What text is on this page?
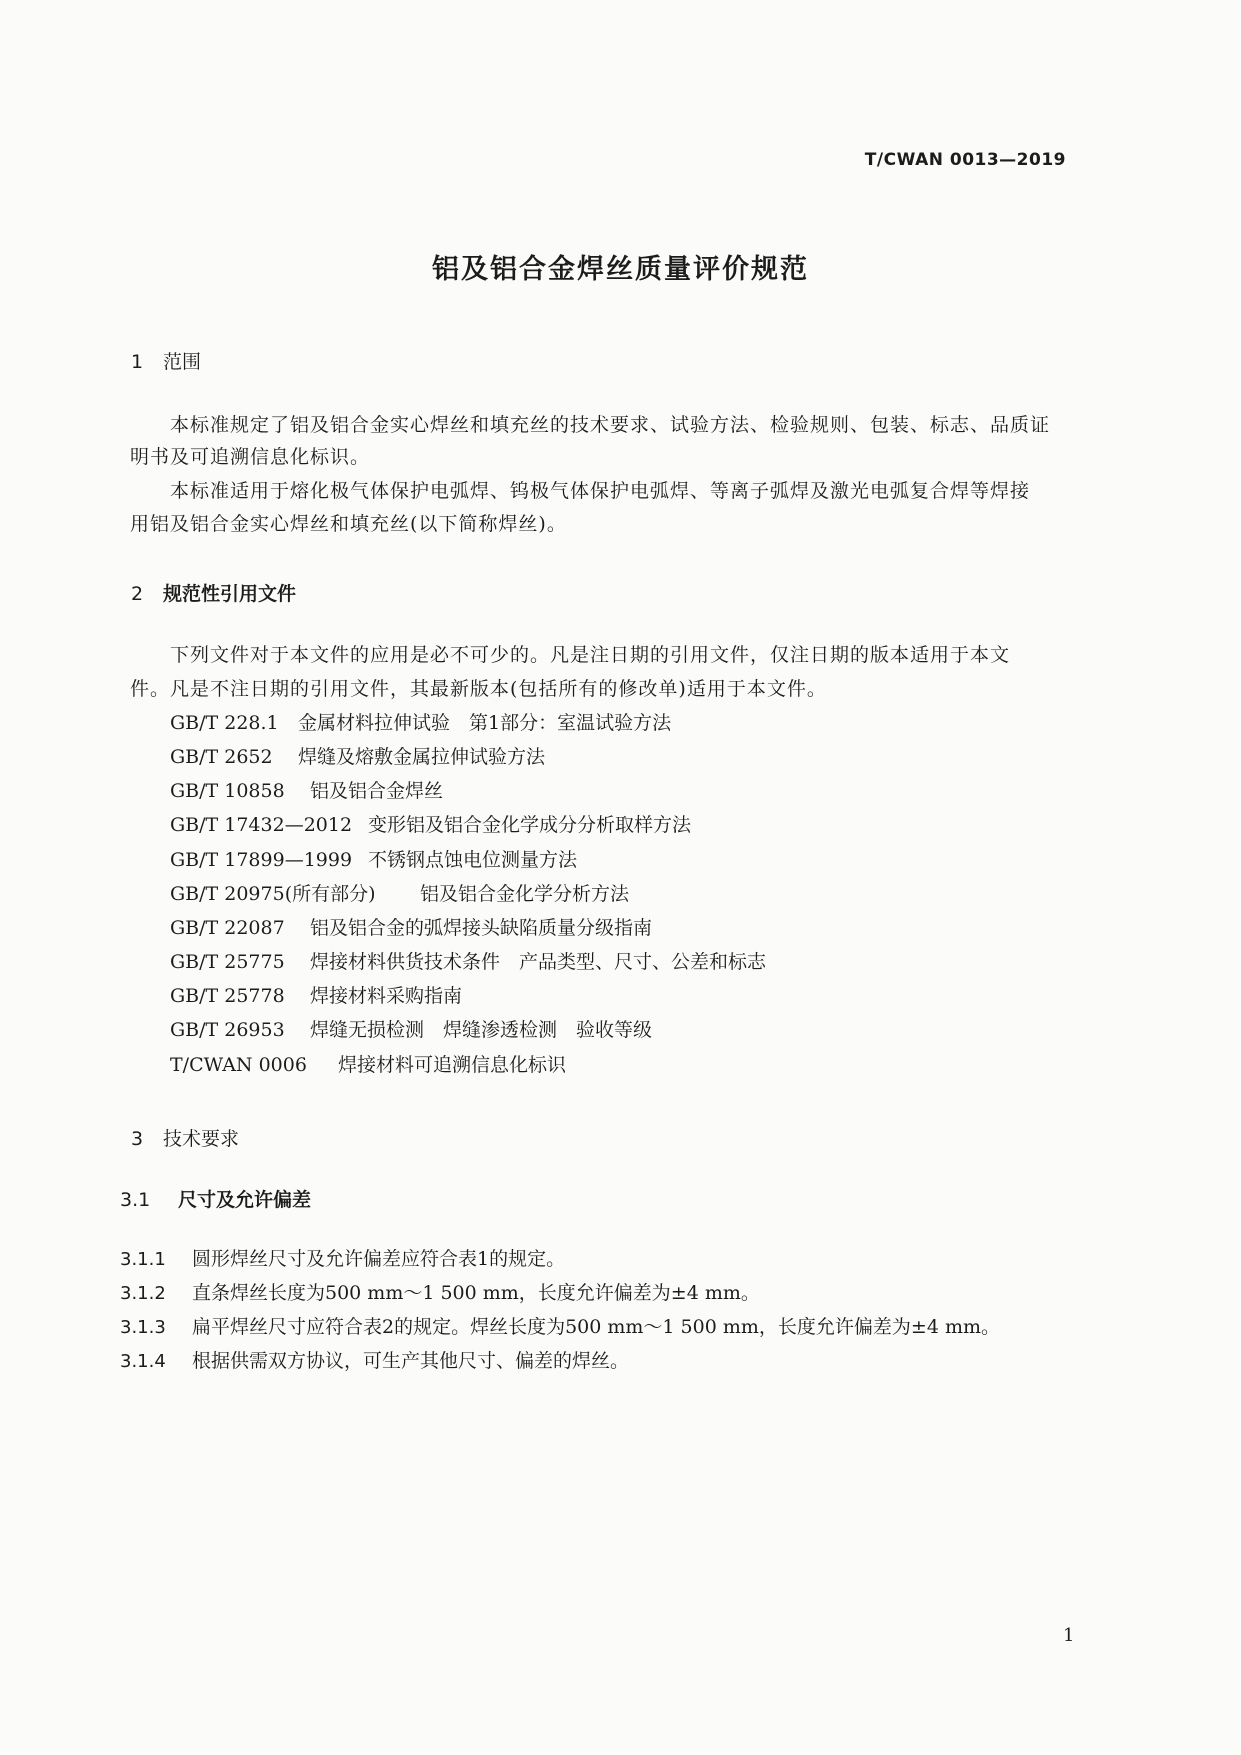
T/CWAN 0013—2019
铝及铝合金焊丝质量评价规范
1 范围
本标准规定了铝及铝合金实心焊丝和填充丝的技术要求、试验方法、检验规则、包装、标志、品质证
明书及可追溯信息化标识。
本标准适用于熔化极气体保护电弧焊、钨极气体保护电弧焊、等离子弧焊及激光电弧复合焊等焊接
用铝及铝合金实心焊丝和填充丝(以下简称焊丝)。
2 规范性引用文件
下列文件对于本文件的应用是必不可少的。凡是注日期的引用文件，仅注日期的版本适用于本文
件。凡是不注日期的引用文件，其最新版本(包括所有的修改单)适用于本文件。
GB/T 228.1 金属材料拉伸试验　第1部分：室温试验方法
GB/T 2652 焊缝及熔敷金属拉伸试验方法
GB/T 10858 铝及铝合金焊丝
GB/T 17432—2012 变形铝及铝合金化学成分分析取样方法
GB/T 17899—1999 不锈钢点蚀电位测量方法
GB/T 20975(所有部分) 铝及铝合金化学分析方法
GB/T 22087 铝及铝合金的弧焊接头缺陷质量分级指南
GB/T 25775 焊接材料供货技术条件　产品类型、尺寸、公差和标志
GB/T 25778 焊接材料采购指南
GB/T 26953 焊缝无损检测　焊缝渗透检测　验收等级
T/CWAN 0006 焊接材料可追溯信息化标识
3 技术要求
3.1 尺寸及允许偏差
3.1.1 圆形焊丝尺寸及允许偏差应符合表1的规定。
3.1.2 直条焊丝长度为500 mm～1 500 mm，长度允许偏差为±4 mm。
3.1.3 扁平焊丝尺寸应符合表2的规定。焊丝长度为500 mm～1 500 mm，长度允许偏差为±4 mm。
3.1.4 根据供需双方协议，可生产其他尺寸、偏差的焊丝。
1
